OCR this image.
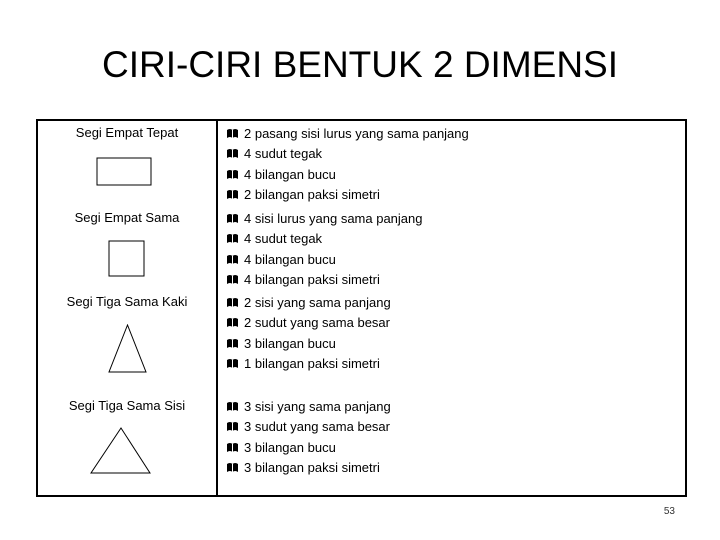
CIRI-CIRI BENTUK 2 DIMENSI
Segi Empat Tepat	2 pasang sisi lurus yang sama panjang
4 sudut tegak
4 bilangan bucu
2 bilangan paksi simetri
Segi Empat Sama	4 sisi lurus yang sama panjang
4 sudut tegak
4 bilangan bucu
4 bilangan paksi simetri
Segi Tiga Sama Kaki	2 sisi yang sama panjang
2 sudut yang sama besar
3 bilangan bucu
1 bilangan paksi simetri
Segi Tiga Sama Sisi	3 sisi yang sama panjang
3 sudut yang sama besar
3 bilangan bucu
3 bilangan paksi simetri
53
